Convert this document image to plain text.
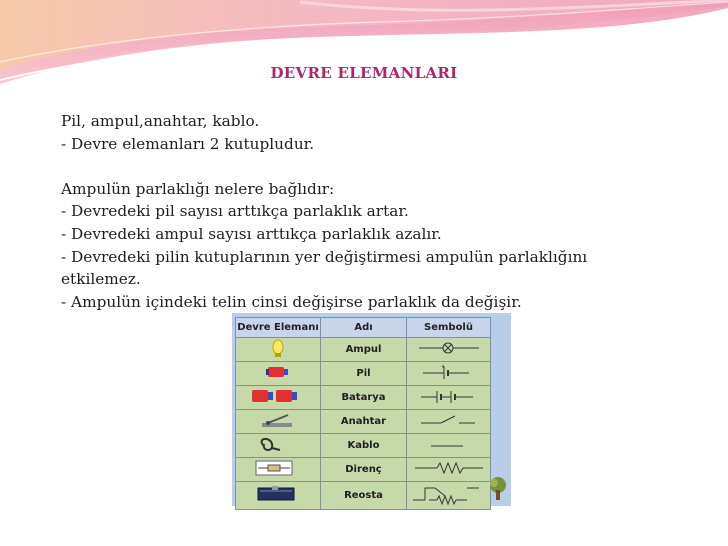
DEVRE ELEMANLARI
Pil, ampul,anahtar, kablo.
- Devre elemanları 2 kutupludur.
Ampulün parlaklığı nelere bağlıdır:
- Devredeki pil sayısı arttıkça parlaklık artar.
- Devredeki ampul sayısı arttıkça parlaklık azalır.
- Devredeki pilin kutuplarının yer değiştirmesi ampulün parlaklığını
etkilemez.
- Ampulün içindeki telin cinsi değişirse parlaklık da değişir.
Devre Elemanı	Adı	Sembolü
	Ampul	
	Pil	+

	Batarya	
	Anahtar	
	Kablo	
	Direnç	
	Reosta	
